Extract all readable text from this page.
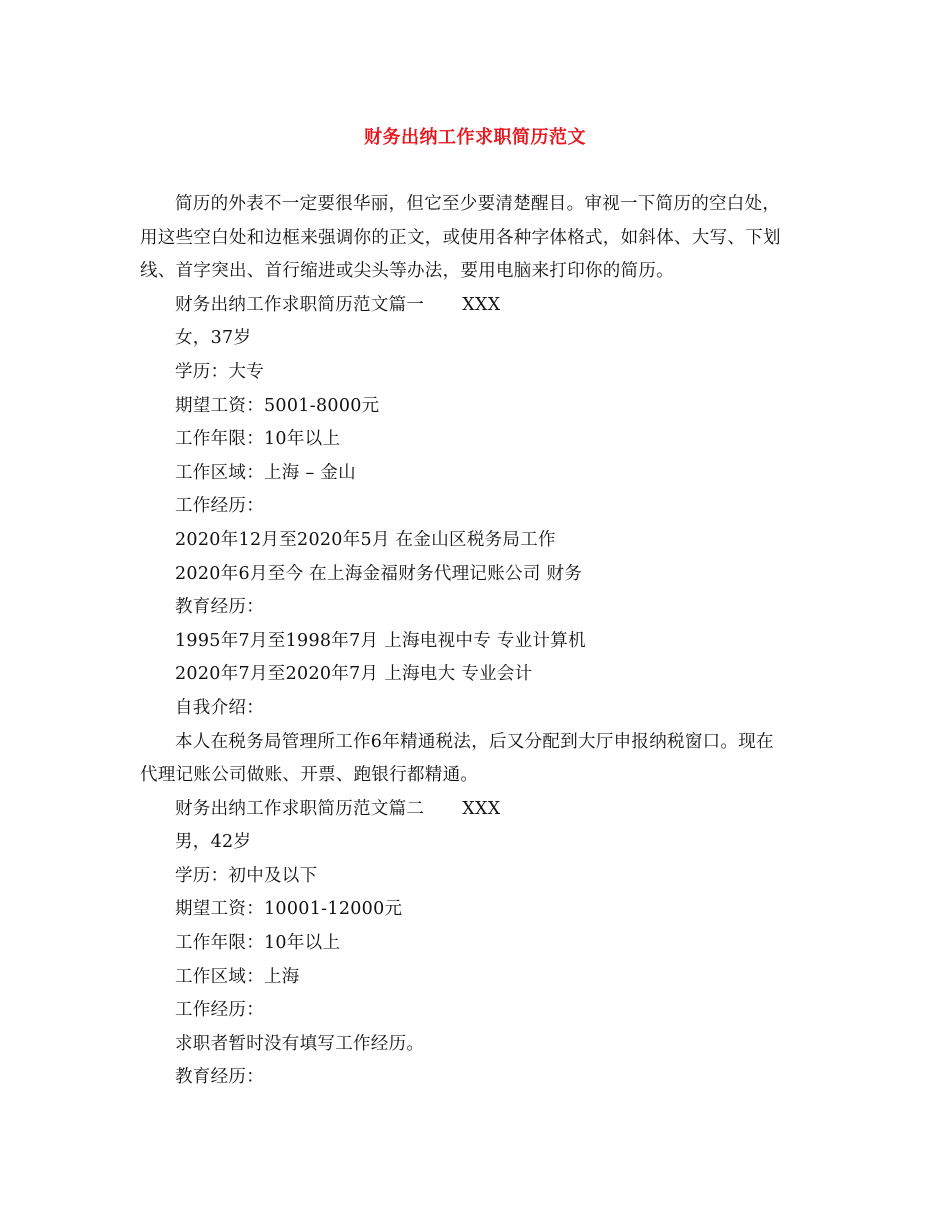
财务出纳工作求职简历范文
简历的外表不一定要很华丽，但它至少要清楚醒目。审视一下简历的空白处，
用这些空白处和边框来强调你的正文，或使用各种字体格式，如斜体、大写、下划
线、首字突出、首行缩进或尖头等办法，要用电脑来打印你的简历。
财务出纳工作求职简历范文篇一 XXX
女，37岁
学历：大专
期望工资：5001-8000元
工作年限：10年以上
工作区域：上海 – 金山
工作经历：
2020年12月至2020年5月 在金山区税务局工作
2020年6月至今 在上海金福财务代理记账公司 财务
教育经历：
1995年7月至1998年7月 上海电视中专 专业计算机
2020年7月至2020年7月 上海电大 专业会计
自我介绍：
本人在税务局管理所工作6年精通税法，后又分配到大厅申报纳税窗口。现在
代理记账公司做账、开票、跑银行都精通。
财务出纳工作求职简历范文篇二 XXX
男，42岁
学历：初中及以下
期望工资：10001-12000元
工作年限：10年以上
工作区域：上海
工作经历：
求职者暂时没有填写工作经历。
教育经历：
